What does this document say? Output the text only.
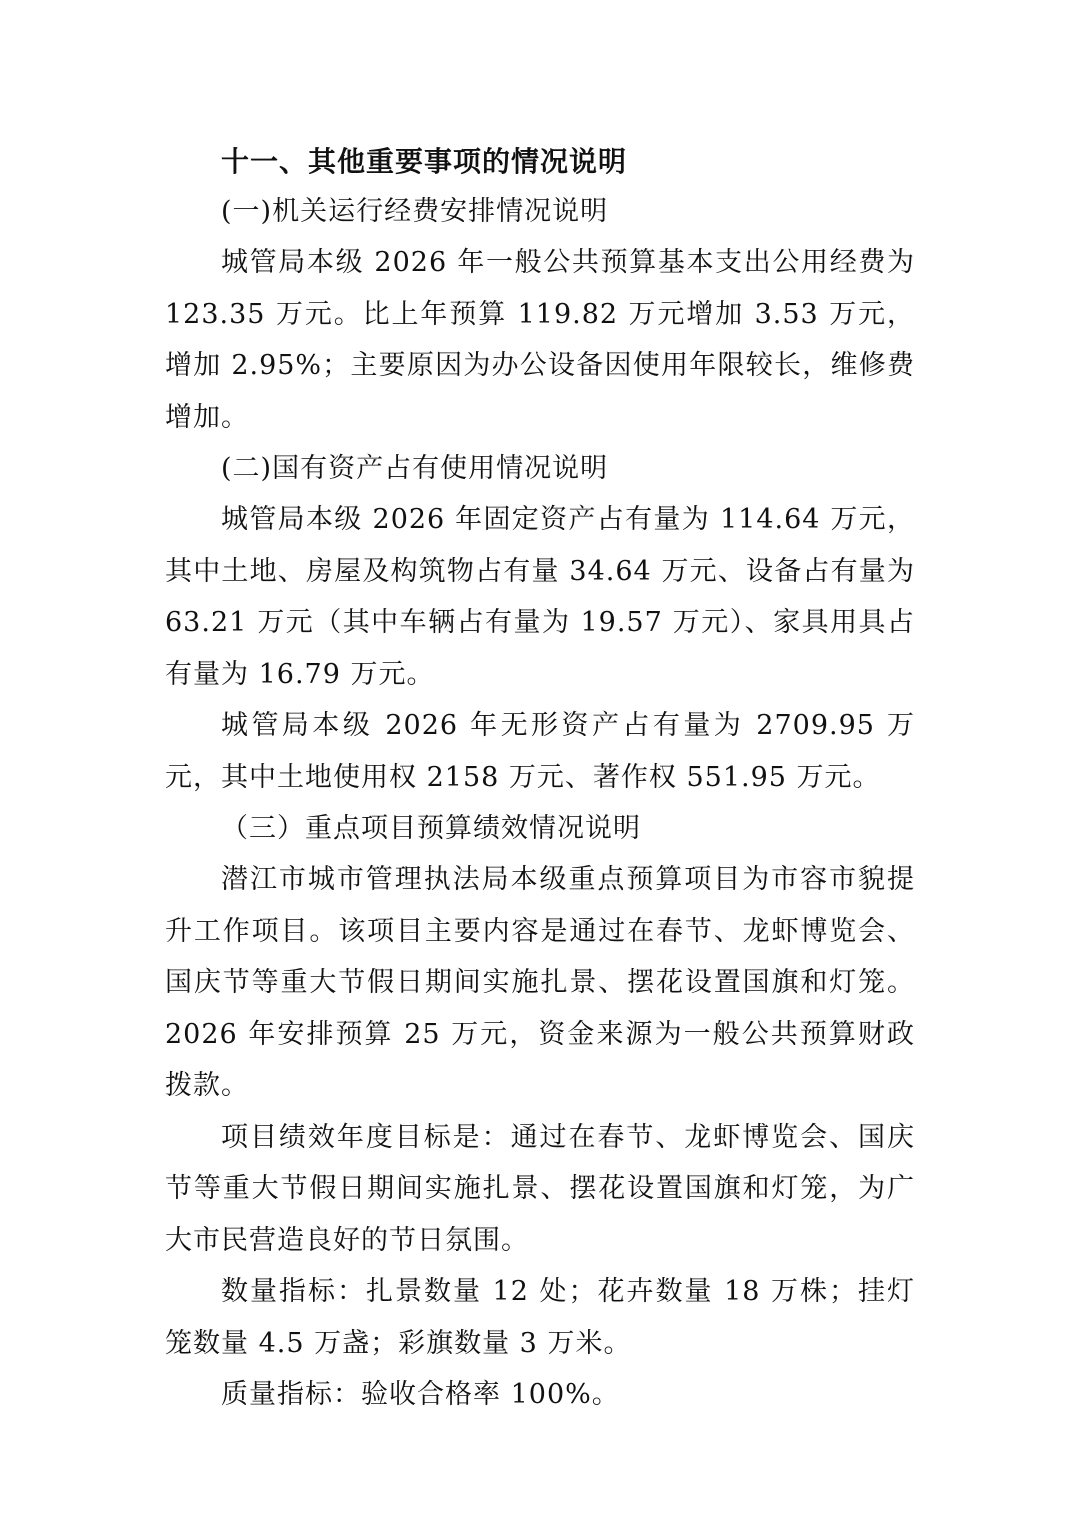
十一、其他重要事项的情况说明

(一)机关运行经费安排情况说明

城管局本级 2026 年一般公共预算基本支出公用经费为 123.35 万元。比上年预算 119.82 万元增加 3.53 万元，增加 2.95%；主要原因为办公设备因使用年限较长，维修费增加。

(二)国有资产占有使用情况说明

城管局本级 2026 年固定资产占有量为 114.64 万元，其中土地、房屋及构筑物占有量 34.64 万元、设备占有量为 63.21 万元（其中车辆占有量为 19.57 万元）、家具用具占有量为 16.79 万元。

城管局本级 2026 年无形资产占有量为 2709.95 万元，其中土地使用权 2158 万元、著作权 551.95 万元。

（三）重点项目预算绩效情况说明

潜江市城市管理执法局本级重点预算项目为市容市貌提升工作项目。该项目主要内容是通过在春节、龙虾博览会、国庆节等重大节假日期间实施扎景、摆花设置国旗和灯笼。2026 年安排预算 25 万元，资金来源为一般公共预算财政拨款。

项目绩效年度目标是：通过在春节、龙虾博览会、国庆节等重大节假日期间实施扎景、摆花设置国旗和灯笼，为广大市民营造良好的节日氛围。

数量指标：扎景数量 12 处；花卉数量 18 万株；挂灯笼数量 4.5 万盏；彩旗数量 3 万米。

质量指标：验收合格率 100%。
